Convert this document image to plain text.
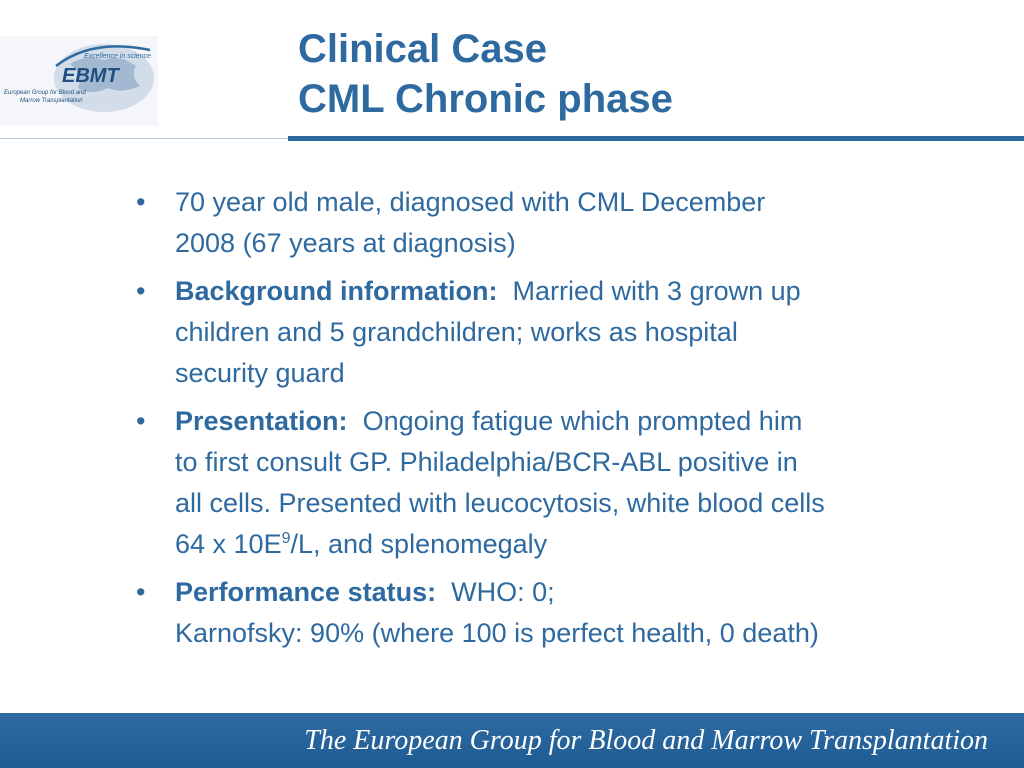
Excellence in science
EBMT
European Group for Blood and
Marrow Transplantation
Clinical Case
CML Chronic phase
• 70 year old male, diagnosed with CML December
2008 (67 years at diagnosis)
• Background information: Married with 3 grown up
children and 5 grandchildren; works as hospital
security guard
• Presentation: Ongoing fatigue which prompted him
to first consult GP. Philadelphia/BCR-ABL positive in
all cells. Presented with leucocytosis, white blood cells
64 x $10E^9/L$, and splenomegaly
• Performance status: WHO: 0;
Karnofsky: 90% (where 100 is perfect health, 0 death)
The European Group for Blood and Marrow Transplantation
